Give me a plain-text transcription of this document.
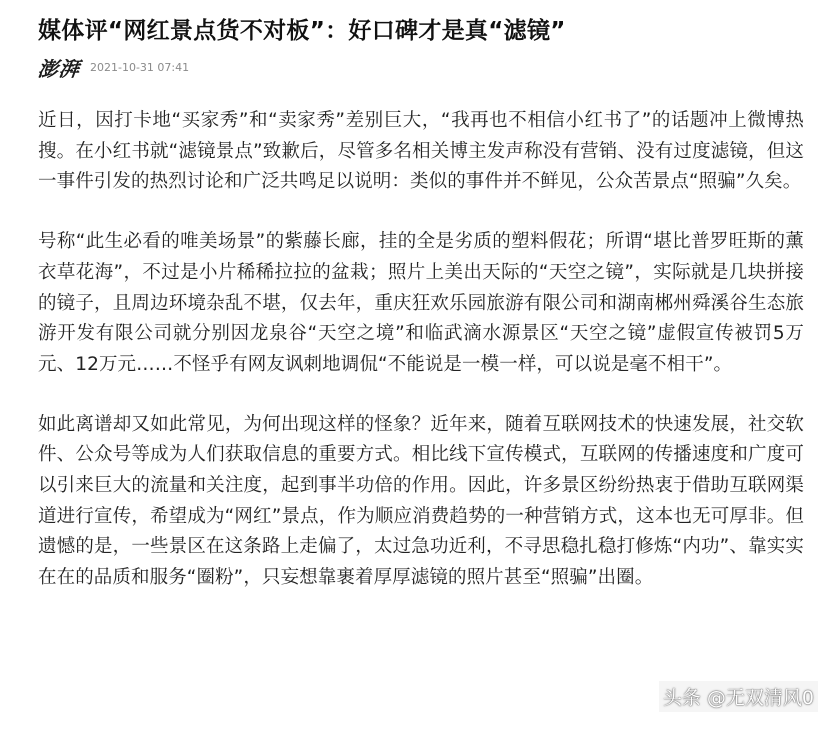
媒体评“网红景点货不对板”：好口碑才是真“滤镜”
澎湃 2021-10-31 07:41

近日，因打卡地“买家秀”和“卖家秀”差别巨大，“我再也不相信小红书了”的话题冲上微博热搜。在小红书就“滤镜景点”致歉后，尽管多名相关博主发声称没有营销、没有过度滤镜，但这一事件引发的热烈讨论和广泛共鸣足以说明：类似的事件并不鲜见，公众苦景点“照骗”久矣。

号称“此生必看的唯美场景”的紫藤长廊，挂的全是劣质的塑料假花；所谓“堪比普罗旺斯的薰衣草花海”，不过是小片稀稀拉拉的盆栽；照片上美出天际的“天空之镜”，实际就是几块拼接的镜子，且周边环境杂乱不堪，仅去年，重庆狂欢乐园旅游有限公司和湖南郴州舜溪谷生态旅游开发有限公司就分别因龙泉谷“天空之境”和临武滴水源景区“天空之镜”虚假宣传被罚5万元、12万元……不怪乎有网友讽刺地调侃“不能说是一模一样，可以说是毫不相干”。

如此离谱却又如此常见，为何出现这样的怪象？近年来，随着互联网技术的快速发展，社交软件、公众号等成为人们获取信息的重要方式。相比线下宣传模式，互联网的传播速度和广度可以引来巨大的流量和关注度，起到事半功倍的作用。因此，许多景区纷纷热衷于借助互联网渠道进行宣传，希望成为“网红”景点，作为顺应消费趋势的一种营销方式，这本也无可厚非。但遗憾的是，一些景区在这条路上走偏了，太过急功近利，不寻思稳扎稳打修炼“内功”、靠实实在在的品质和服务“圈粉”，只妄想靠裹着厚厚滤镜的照片甚至“照骗”出圈。

头条 @无双清风0
